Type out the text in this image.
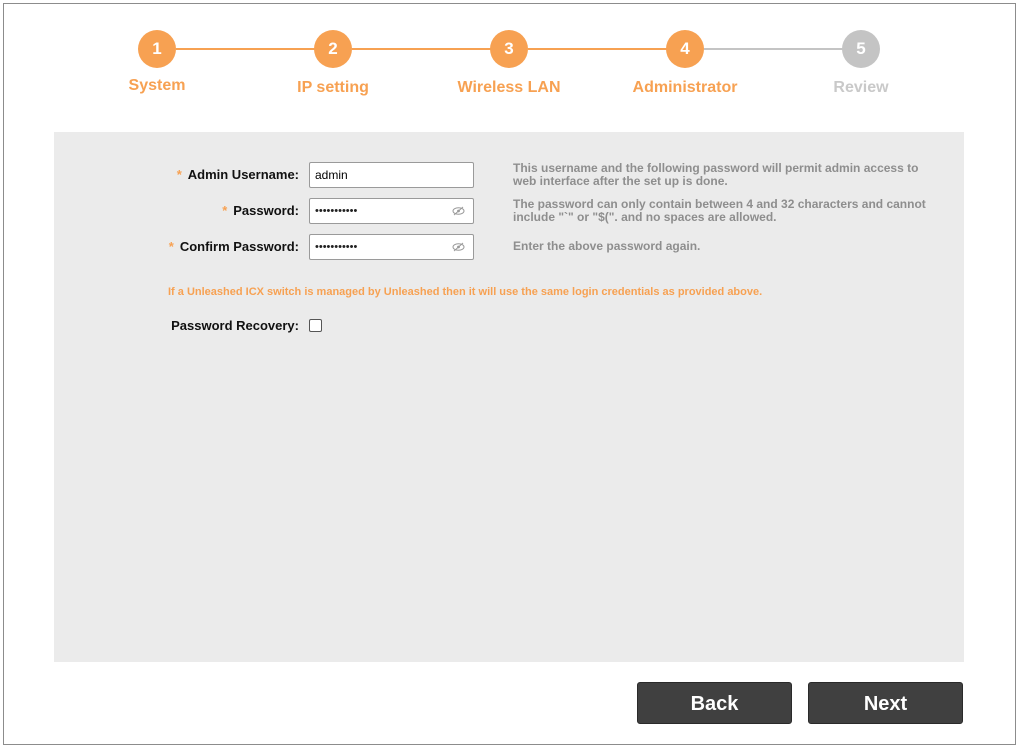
1
System
2
IP setting
3
Wireless LAN
4
Administrator
5
Review
* Admin Username:	admin	This username and the following password will permit admin access to web interface after the set up is done.
* Password: •••••••••••	The password can only contain between 4 and 32 characters and cannot include "`" or "$(". and no spaces are allowed.
* Confirm Password: •••••••••••	Enter the above password again.
If a Unleashed ICX switch is managed by Unleashed then it will use the same login credentials as provided above.
Password Recovery:
Back	Next
